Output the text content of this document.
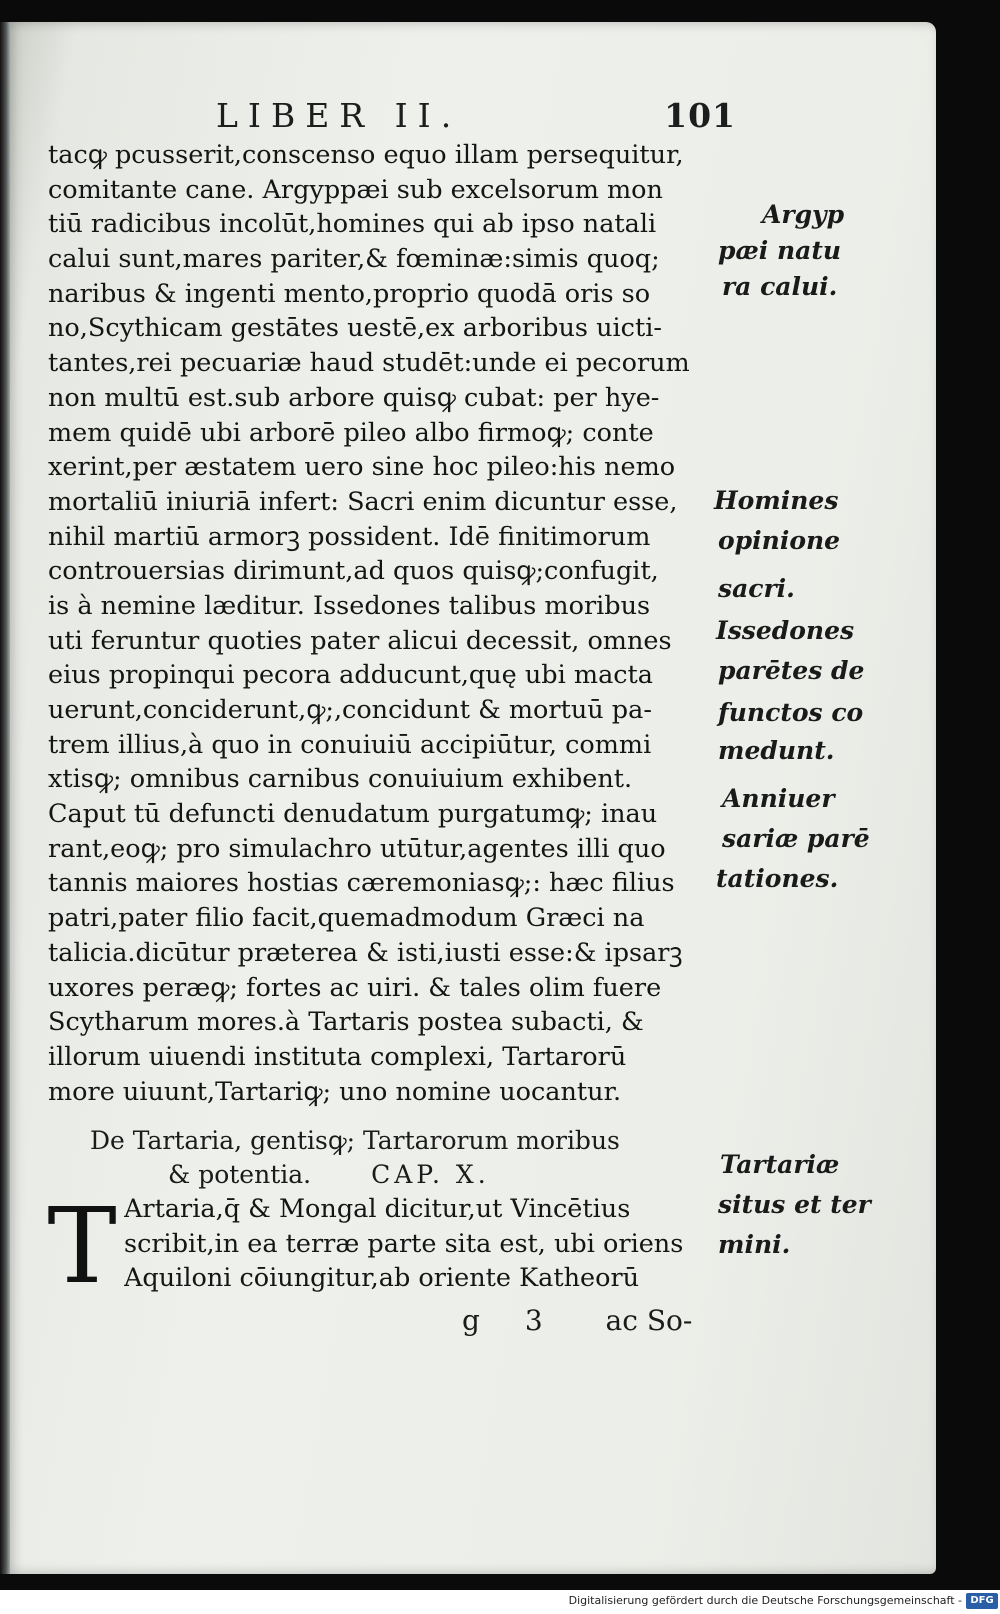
LIBER II.	101
tacꝙ pcusserit,conscenso equo illam persequitur,
comitante cane. Argyppæi sub excelsorum mon
tiū radicibus incolūt,homines qui ab ipso natali
calui sunt,mares pariter,& fœminæ:simis quoq;
naribus & ingenti mento,proprio quodā oris so
no,Scythicam gestātes uestē,ex arboribus uicti-
tantes,rei pecuariæ haud studēt:unde ei pecorum
non multū est.sub arbore quisꝙ cubat: per hye-
mem quidē ubi arborē pileo albo firmoꝙ; conte
xerint,per æstatem uero sine hoc pileo:his nemo
mortaliū iniuriā infert: Sacri enim dicuntur esse,
nihil martiū armorꝫ possident. Idē finitimorum
controuersias dirimunt,ad quos quisꝙ;confugit,
is à nemine læditur. Issedones talibus moribus
uti feruntur quoties pater alicui decessit, omnes
eius propinqui pecora adducunt,quę ubi macta
uerunt,conciderunt,ꝙ;,concidunt & mortuū pa-
trem illius,à quo in conuiuiū accipiūtur, commi
xtisꝙ; omnibus carnibus conuiuium exhibent.
Caput tū defuncti denudatum purgatumꝙ; inau
rant,eoꝙ; pro simulachro utūtur,agentes illi quo
tannis maiores hostias cæremoniasꝙ;: hæc filius
patri,pater filio facit,quemadmodum Græci na
talicia.dicūtur præterea & isti,iusti esse:& ipsarꝫ
uxores peræꝙ; fortes ac uiri. & tales olim fuere
Scytharum mores.à Tartaris postea subacti, &
illorum uiuendi instituta complexi, Tartarorū
more uiuunt,Tartariꝙ; uno nomine uocantur.
Argyp
pæi natu
ra calui.
Homines
opinione
sacri.
Issedones
parētes de
functos co
medunt.
Anniuer
sariæ parē
tationes.
Tartariæ
situs et ter
mini.

De Tartaria, gentisꝙ; Tartarorum moribus

& potentia. CAP. X.

T Artaria,q̄ & Mongal dicitur,ut Vincētius
scribit,in ea terræ parte sita est, ubi oriens
Aquiloni cōiungitur,ab oriente Katheorū
g 3 ac So-
Digitalisierung gefördert durch die Deutsche Forschungsgemeinschaft - DFG
